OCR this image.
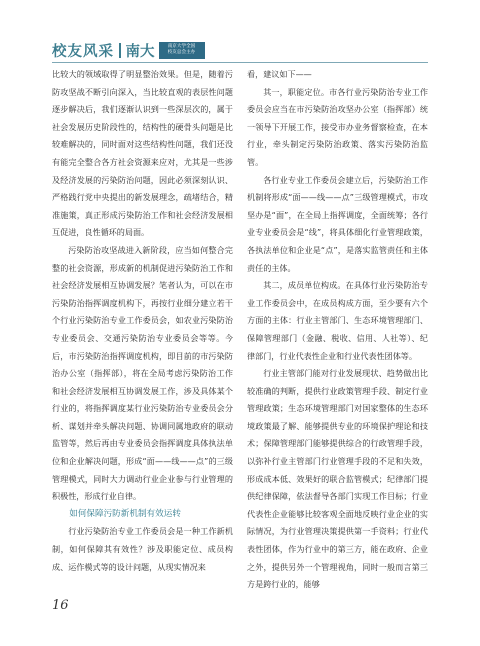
校友风采 南大	南京大学全国
校友总会主办

比较大的领域取得了明显整治效果。但是，随着污防攻坚战不断引向深入，当比较直观的表层性问题逐步解决后，我们逐渐认识到一些深层次的，属于社会发展历史阶段性的，结构性的硬骨头问题是比较难解决的，同时面对这些结构性问题，我们还没有能完全整合各方社会资源来应对，尤其是一些涉及经济发展的污染防治问题，因此必须深刻认识、严格践行党中央提出的新发展理念，疏堵结合，精准施策，真正形成污染防治工作和社会经济发展相互促进，良性循环的局面。

污染防治攻坚战进入新阶段，应当如何整合完整的社会资源，形成新的机制促进污染防治工作和社会经济发展相互协调发展？笔者认为，可以在市污染防治指挥调度机构下，再按行业细分建立若干个行业污染防治专业工作委员会，如农业污染防治专业委员会、交通污染防治专业委员会等等。今后，市污染防治指挥调度机构，即目前的市污染防治办公室（指挥部），将在全局考虑污染防治工作和社会经济发展相互协调发展工作，涉及具体某个行业的，将指挥调度某行业污染防治专业委员会分析、谋划并牵头解决问题、协调同属地政府的联动监管等，然后再由专业委员会指挥调度具体执法单位和企业解决问题，形成“面——线——点”的三级管理模式，同时大力调动行业企业参与行业管理的积极性，形成行业自律。

如何保障污防新机制有效运转

行业污染防治专业工作委员会是一种工作新机制，如何保障其有效性？涉及职能定位、成员构成、运作模式等的设计问题，从现实情况来

看，建议如下——

其一，职能定位。市各行业污染防治专业工作委员会应当在市污染防治攻坚办公室（指挥部）统一领导下开展工作，接受市办业务督察检查，在本行业，牵头制定污染防治政策、落实污染防治监管。

各行业专业工作委员会建立后，污染防治工作机制将形成“面——线——点”三级管理模式，市攻坚办是“面”，在全局上指挥调度，全面统筹；各行业专业委员会是“线”，将具体细化行业管理政策，各执法单位和企业是“点”，是落实监管责任和主体责任的主体。

其二，成员单位构成。在具体行业污染防治专业工作委员会中，在成员构成方面，至少要有六个方面的主体：行业主管部门、生态环境管理部门、保障管理部门（金融、税收、信用、人社等）、纪律部门，行业代表性企业和行业代表性团体等。

行业主管部门能对行业发展现状、趋势做出比较准确的判断，提供行业政策管理手段、制定行业管理政策；生态环境管理部门对国家整体的生态环境政策最了解、能够提供专业的环境保护理论和技术；保障管理部门能够提供综合的行政管理手段，以弥补行业主管部门行业管理手段的不足和失效，形成成本低、效果好的联合监管模式；纪律部门提供纪律保障，依法督导各部门实现工作目标；行业代表性企业能够比较客观全面地反映行业企业的实际情况，为行业管理决策提供第一手资料；行业代表性团体，作为行业中的第三方，能在政府、企业之外，提供另外一个管理视角，同时一般而言第三方是跨行业的，能够

16
